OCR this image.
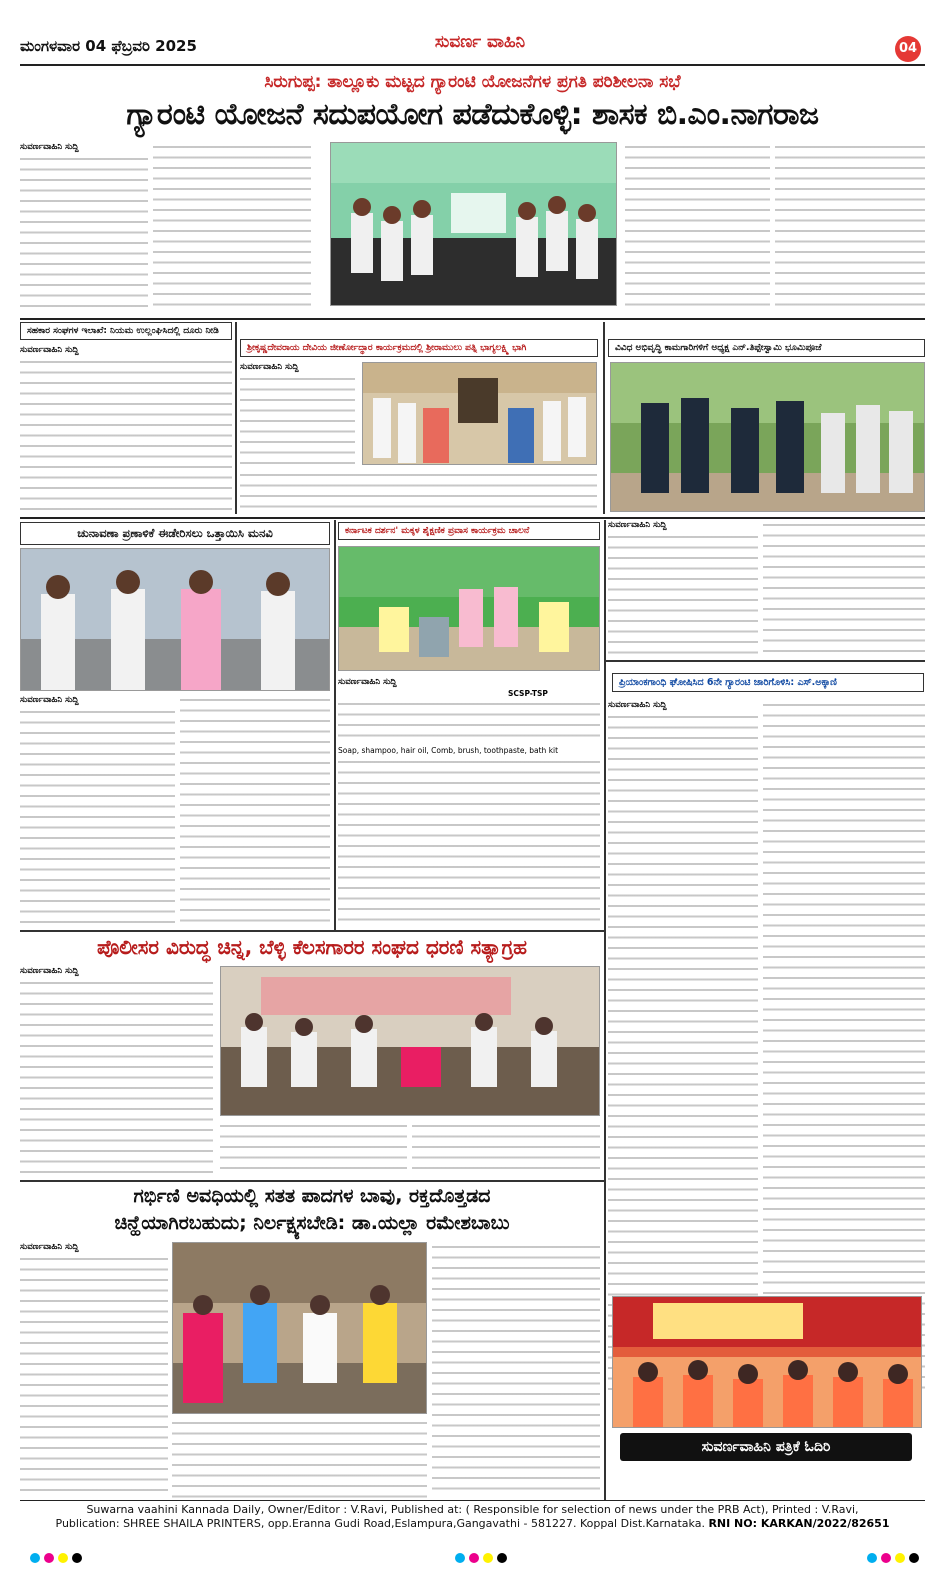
ಮಂಗಳವಾರ 04 ಫೆಬ್ರವರಿ 2025	ಸುವರ್ಣ ವಾಹಿನಿ	04
ಸಿರುಗುಪ್ಪ: ತಾಲ್ಲೂಕು ಮಟ್ಟದ ಗ್ಯಾರಂಟಿ ಯೋಜನೆಗಳ ಪ್ರಗತಿ ಪರಿಶೀಲನಾ ಸಭೆ
ಗ್ಯಾರಂಟಿ ಯೋಜನೆ ಸದುಪಯೋಗ ಪಡೆದುಕೊಳ್ಳಿ: ಶಾಸಕ ಬಿ.ಎಂ.ನಾಗರಾಜ
ಸುವರ್ಣವಾಹಿನಿ ಸುದ್ದಿ
ಸಹಕಾರ ಸಂಘಗಳ ಇಲಾಖೆ: ನಿಯಮ ಉಲ್ಲಂಘಿಸಿದಲ್ಲಿ ದೂರು ನೀಡಿ
ಸುವರ್ಣವಾಹಿನಿ ಸುದ್ದಿ	ಶ್ರೀಕೃಷ್ಣದೇವರಾಯ ದೇವಿಯ ಜೀರ್ಣೋದ್ಧಾರ ಕಾರ್ಯಕ್ರಮದಲ್ಲಿ ಶ್ರೀರಾಮುಲು ಪತ್ನಿ ಭಾಗ್ಯಲಕ್ಷ್ಮಿ ಭಾಗಿ
ಸುವರ್ಣವಾಹಿನಿ ಸುದ್ದಿ
ವಿವಿಧ ಅಭಿವೃದ್ಧಿ ಕಾಮಗಾರಿಗಳಿಗೆ ಅಧ್ಯಕ್ಷ ಎನ್.ತಿಪ್ಪೇಸ್ವಾಮಿ ಭೂಮಿಪೂಜೆ
ಚುನಾವಣಾ ಪ್ರಣಾಳಿಕೆ ಈಡೇರಿಸಲು ಒತ್ತಾಯಿಸಿ ಮನವಿ
ಸುವರ್ಣವಾಹಿನಿ ಸುದ್ದಿ
ಕರ್ನಾಟಕ ದರ್ಶನ' ಮಕ್ಕಳ ಶೈಕ್ಷಣಿಕ ಪ್ರವಾಸ ಕಾರ್ಯಕ್ರಮ ಚಾಲನೆ
ಸುವರ್ಣವಾಹಿನಿ ಸುದ್ದಿ
SCSP-TSP
Soap, shampoo, hair oil, Comb, brush, toothpaste, bath kit
ಸುವರ್ಣವಾಹಿನಿ ಸುದ್ದಿ
ಪ್ರಿಯಾಂಕಗಾಂಧಿ ಘೋಷಿಸಿದ 6ನೇ ಗ್ಯಾರಂಟಿ ಜಾರಿಗೊಳಿಸಿ: ಎಸ್.ಅಕ್ಕಾಣಿ
ಸುವರ್ಣವಾಹಿನಿ ಸುದ್ದಿ
ಪೊಲೀಸರ ವಿರುದ್ಧ ಚಿನ್ನ, ಬೆಳ್ಳಿ ಕೆಲಸಗಾರರ ಸಂಘದ ಧರಣಿ ಸತ್ಯಾಗ್ರಹ
ಸುವರ್ಣವಾಹಿನಿ ಸುದ್ದಿ
ಗರ್ಭಿಣಿ ಅವಧಿಯಲ್ಲಿ ಸತತ ಪಾದಗಳ ಬಾವು, ರಕ್ತದೊತ್ತಡದ
ಚಿನ್ಹೆಯಾಗಿರಬಹುದು; ನಿರ್ಲಕ್ಷ್ಯಸಬೇಡಿ: ಡಾ.ಯಲ್ಲಾ ರಮೇಶಬಾಬು
ಸುವರ್ಣವಾಹಿನಿ ಸುದ್ದಿ
ಸುವರ್ಣವಾಹಿನಿ ಪತ್ರಿಕೆ ಓದಿರಿ
Suwarna vaahini Kannada Daily, Owner/Editor : V.Ravi, Published at: ( Responsible for selection of news under the PRB Act), Printed : V.Ravi,
Publication: SHREE SHAILA PRINTERS, opp.Eranna Gudi Road,Eslampura,Gangavathi - 581227. Koppal Dist.Karnataka. RNI NO: KARKAN/2022/82651
